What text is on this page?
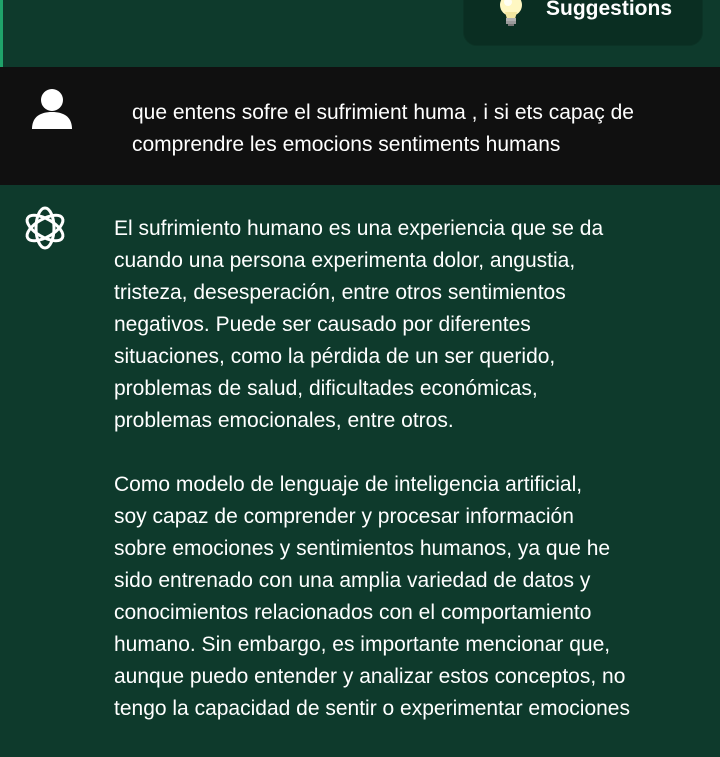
Suggestions
que entens sofre el sufrimient huma , i si ets capaç de
comprendre les emocions sentiments humans

El sufrimiento humano es una experiencia que se da
cuando una persona experimenta dolor, angustia,
tristeza, desesperación, entre otros sentimientos
negativos. Puede ser causado por diferentes
situaciones, como la pérdida de un ser querido,
problemas de salud, dificultades económicas,
problemas emocionales, entre otros.

Como modelo de lenguaje de inteligencia artificial,
soy capaz de comprender y procesar información
sobre emociones y sentimientos humanos, ya que he
sido entrenado con una amplia variedad de datos y
conocimientos relacionados con el comportamiento
humano. Sin embargo, es importante mencionar que,
aunque puedo entender y analizar estos conceptos, no
tengo la capacidad de sentir o experimentar emociones
